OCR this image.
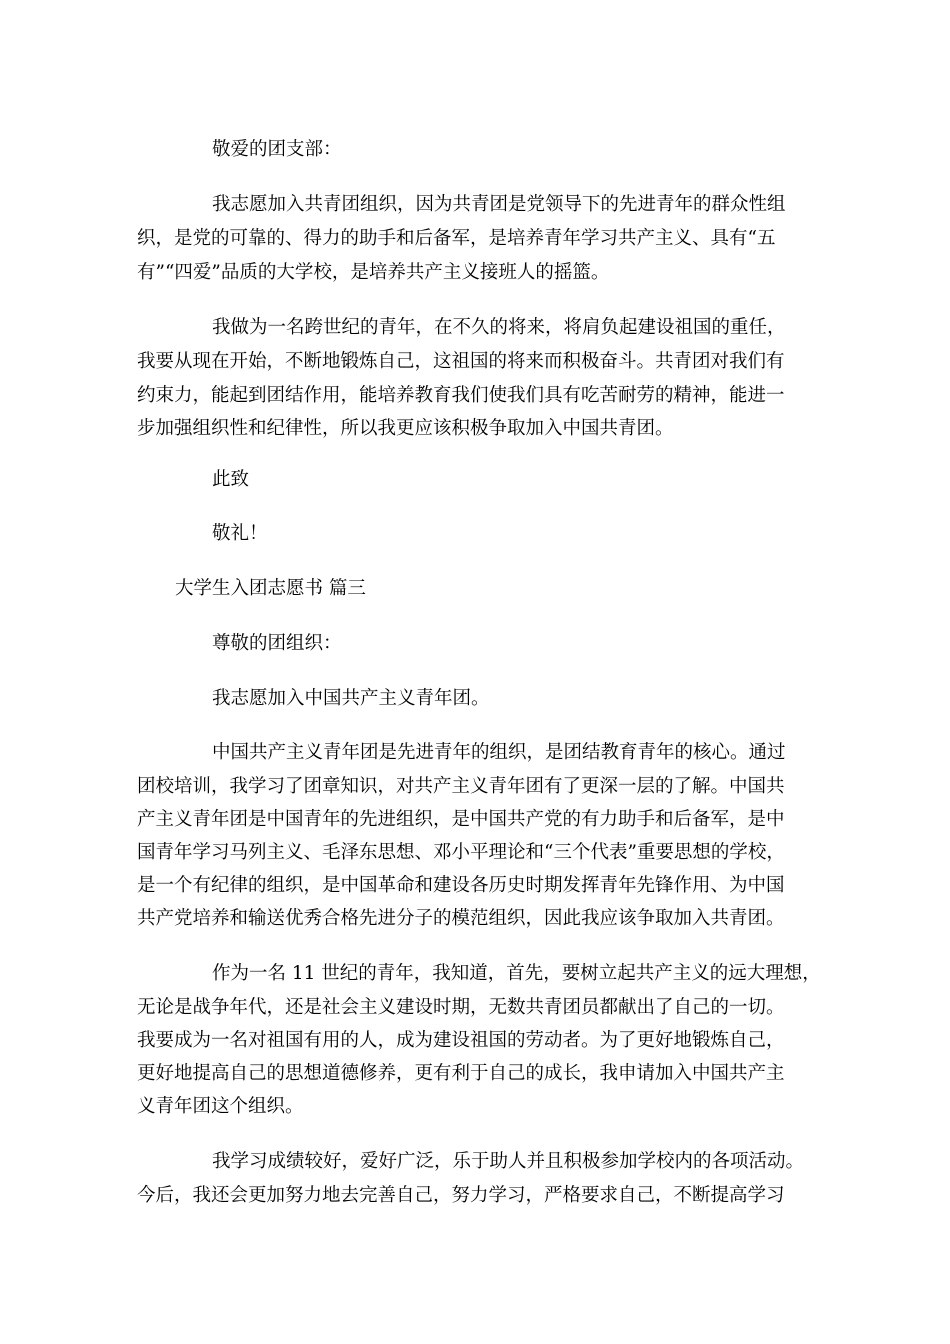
敬爱的团支部：
我志愿加入共青团组织，因为共青团是党领导下的先进青年的群众性组
织，是党的可靠的、得力的助手和后备军，是培养青年学习共产主义、具有“五
有”“四爱”品质的大学校，是培养共产主义接班人的摇篮。
我做为一名跨世纪的青年，在不久的将来，将肩负起建设祖国的重任，
我要从现在开始，不断地锻炼自己，这祖国的将来而积极奋斗。共青团对我们有
约束力，能起到团结作用，能培养教育我们使我们具有吃苦耐劳的精神，能进一
步加强组织性和纪律性，所以我更应该积极争取加入中国共青团。
此致
敬礼！
大学生入团志愿书 篇三
尊敬的团组织：
我志愿加入中国共产主义青年团。
中国共产主义青年团是先进青年的组织，是团结教育青年的核心。通过
团校培训，我学习了团章知识，对共产主义青年团有了更深一层的了解。中国共
产主义青年团是中国青年的先进组织，是中国共产党的有力助手和后备军，是中
国青年学习马列主义、毛泽东思想、邓小平理论和“三个代表”重要思想的学校，
是一个有纪律的组织，是中国革命和建设各历史时期发挥青年先锋作用、为中国
共产党培养和输送优秀合格先进分子的模范组织，因此我应该争取加入共青团。
作为一名 11 世纪的青年，我知道，首先，要树立起共产主义的远大理想，
无论是战争年代，还是社会主义建设时期，无数共青团员都献出了自己的一切。
我要成为一名对祖国有用的人，成为建设祖国的劳动者。为了更好地锻炼自己，
更好地提高自己的思想道德修养，更有利于自己的成长，我申请加入中国共产主
义青年团这个组织。
我学习成绩较好，爱好广泛，乐于助人并且积极参加学校内的各项活动。
今后，我还会更加努力地去完善自己，努力学习，严格要求自己，不断提高学习
